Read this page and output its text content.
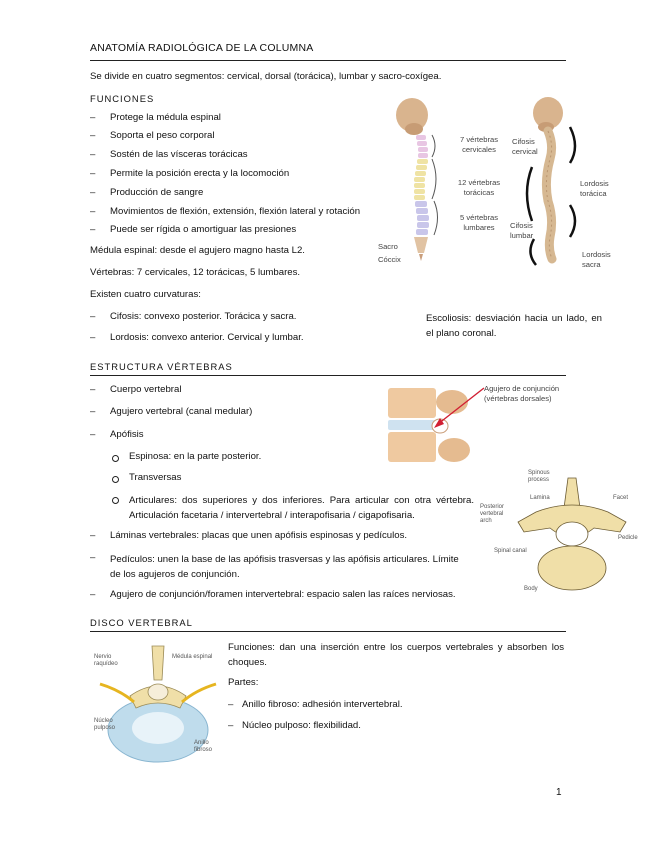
ANATOMÍA RADIOLÓGICA DE LA COLUMNA
Se divide en cuatro segmentos: cervical, dorsal (torácica), lumbar y sacro-coxígea.
FUNCIONES
– Protege la médula espinal
– Soporta el peso corporal
– Sostén de las vísceras torácicas
– Permite la posición erecta y la locomoción
– Producción de sangre
– Movimientos de flexión, extensión, flexión lateral y rotación
– Puede ser rígida o amortiguar las presiones
Médula espinal: desde el agujero magno hasta L2.
Vértebras: 7 cervicales, 12 torácicas, 5 lumbares.
Existen cuatro curvaturas:
– Cifosis: convexo posterior. Torácica y sacra.
– Lordosis: convexo anterior. Cervical y lumbar.
Escoliosis: desviación hacia un lado, en el plano coronal.
7 vértebras cervicales
12 vértebras torácicas
5 vértebras lumbares
Sacro
Cóccix
Cifosis cervical
Lordosis torácica
Cifosis lumbar
Lordosis sacra
ESTRUCTURA VÉRTEBRAS
– Cuerpo vertebral
– Agujero vertebral (canal medular)
– Apófisis
Espinosa: en la parte posterior.
Transversas
Articulares: dos superiores y dos inferiores. Para articular con otra vértebra. Articulación facetaria / intervertebral / interapofisaria / cigapofisaria.
– Láminas vertebrales: placas que unen apófisis espinosas y pedículos.
– Pedículos: unen la base de las apófisis trasversas y las apófisis articulares. Límite de los agujeros de conjunción.
– Agujero de conjunción/foramen intervertebral: espacio salen las raíces nerviosas.
Agujero de conjunción (vértebras dorsales)
Spinous process
Lamina	Facet
Posterior vertebral arch
Pedicle
Spinal canal
Body
DISCO VERTEBRAL
Nervio raquídeo
Médula espinal
Núcleo pulposo
Anillo fibroso
Funciones: dan una inserción entre los cuerpos vertebrales y absorben los choques.
Partes:
– Anillo fibroso: adhesión intervertebral.
– Núcleo pulposo: flexibilidad.
1
